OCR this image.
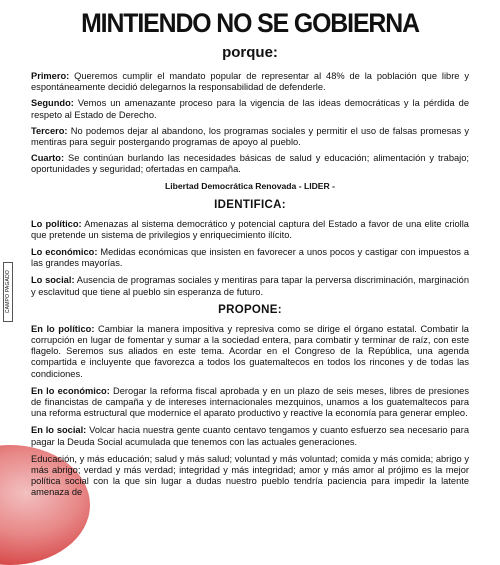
CAMPO PAGADO
MINTIENDO NO SE GOBIERNA
porque:

Primero: Queremos cumplir el mandato popular de representar al 48% de la población que libre y espontáneamente decidió delegarnos la responsabilidad de defenderle.

Segundo: Vemos un amenazante proceso para la vigencia de las ideas democráticas y la pérdida de respeto al Estado de Derecho.

Tercero: No podemos dejar al abandono, los programas sociales y permitir el uso de falsas promesas y mentiras para seguir postergando programas de apoyo al pueblo.

Cuarto: Se continúan burlando las necesidades básicas de salud y educación; alimentación y trabajo; oportunidades y seguridad; ofertadas en campaña.

Libertad Democrática Renovada - LIDER -
IDENTIFICA:

Lo político: Amenazas al sistema democrático y potencial captura del Estado a favor de una elite criolla que pretende un sistema de privilegios y enriquecimiento ilícito.

Lo económico: Medidas económicas que insisten en favorecer a unos pocos y castigar con impuestos a las grandes mayorías.

Lo social: Ausencia de programas sociales y mentiras para tapar la perversa discriminación, marginación y esclavitud que tiene al pueblo sin esperanza de futuro.

PROPONE:

En lo político: Cambiar la manera impositiva y represiva como se dirige el órgano estatal. Combatir la corrupción en lugar de fomentar y sumar a la sociedad entera, para combatir y terminar de raíz, con este flagelo. Seremos sus aliados en este tema. Acordar en el Congreso de la República, una agenda compartida e incluyente que favorezca a todos los guatemaltecos en todos los rincones y de todas las condiciones.

En lo económico: Derogar la reforma fiscal aprobada y en un plazo de seis meses, libres de presiones de financistas de campaña y de intereses internacionales mezquinos, unamos a los guatemaltecos para una reforma estructural que modernice el aparato productivo y reactive la economía para generar empleo.

En lo social: Volcar hacia nuestra gente cuanto centavo tengamos y cuanto esfuerzo sea necesario para pagar la Deuda Social acumulada que tenemos con las actuales generaciones.

Educación, y más educación; salud y más salud; voluntad y más voluntad; comida y más comida; abrigo y más abrigo; verdad y más verdad; integridad y más integridad; amor y más amor al prójimo es la mejor política social con la que sin lugar a dudas nuestro pueblo tendría paciencia para impedir la latente amenaza de
